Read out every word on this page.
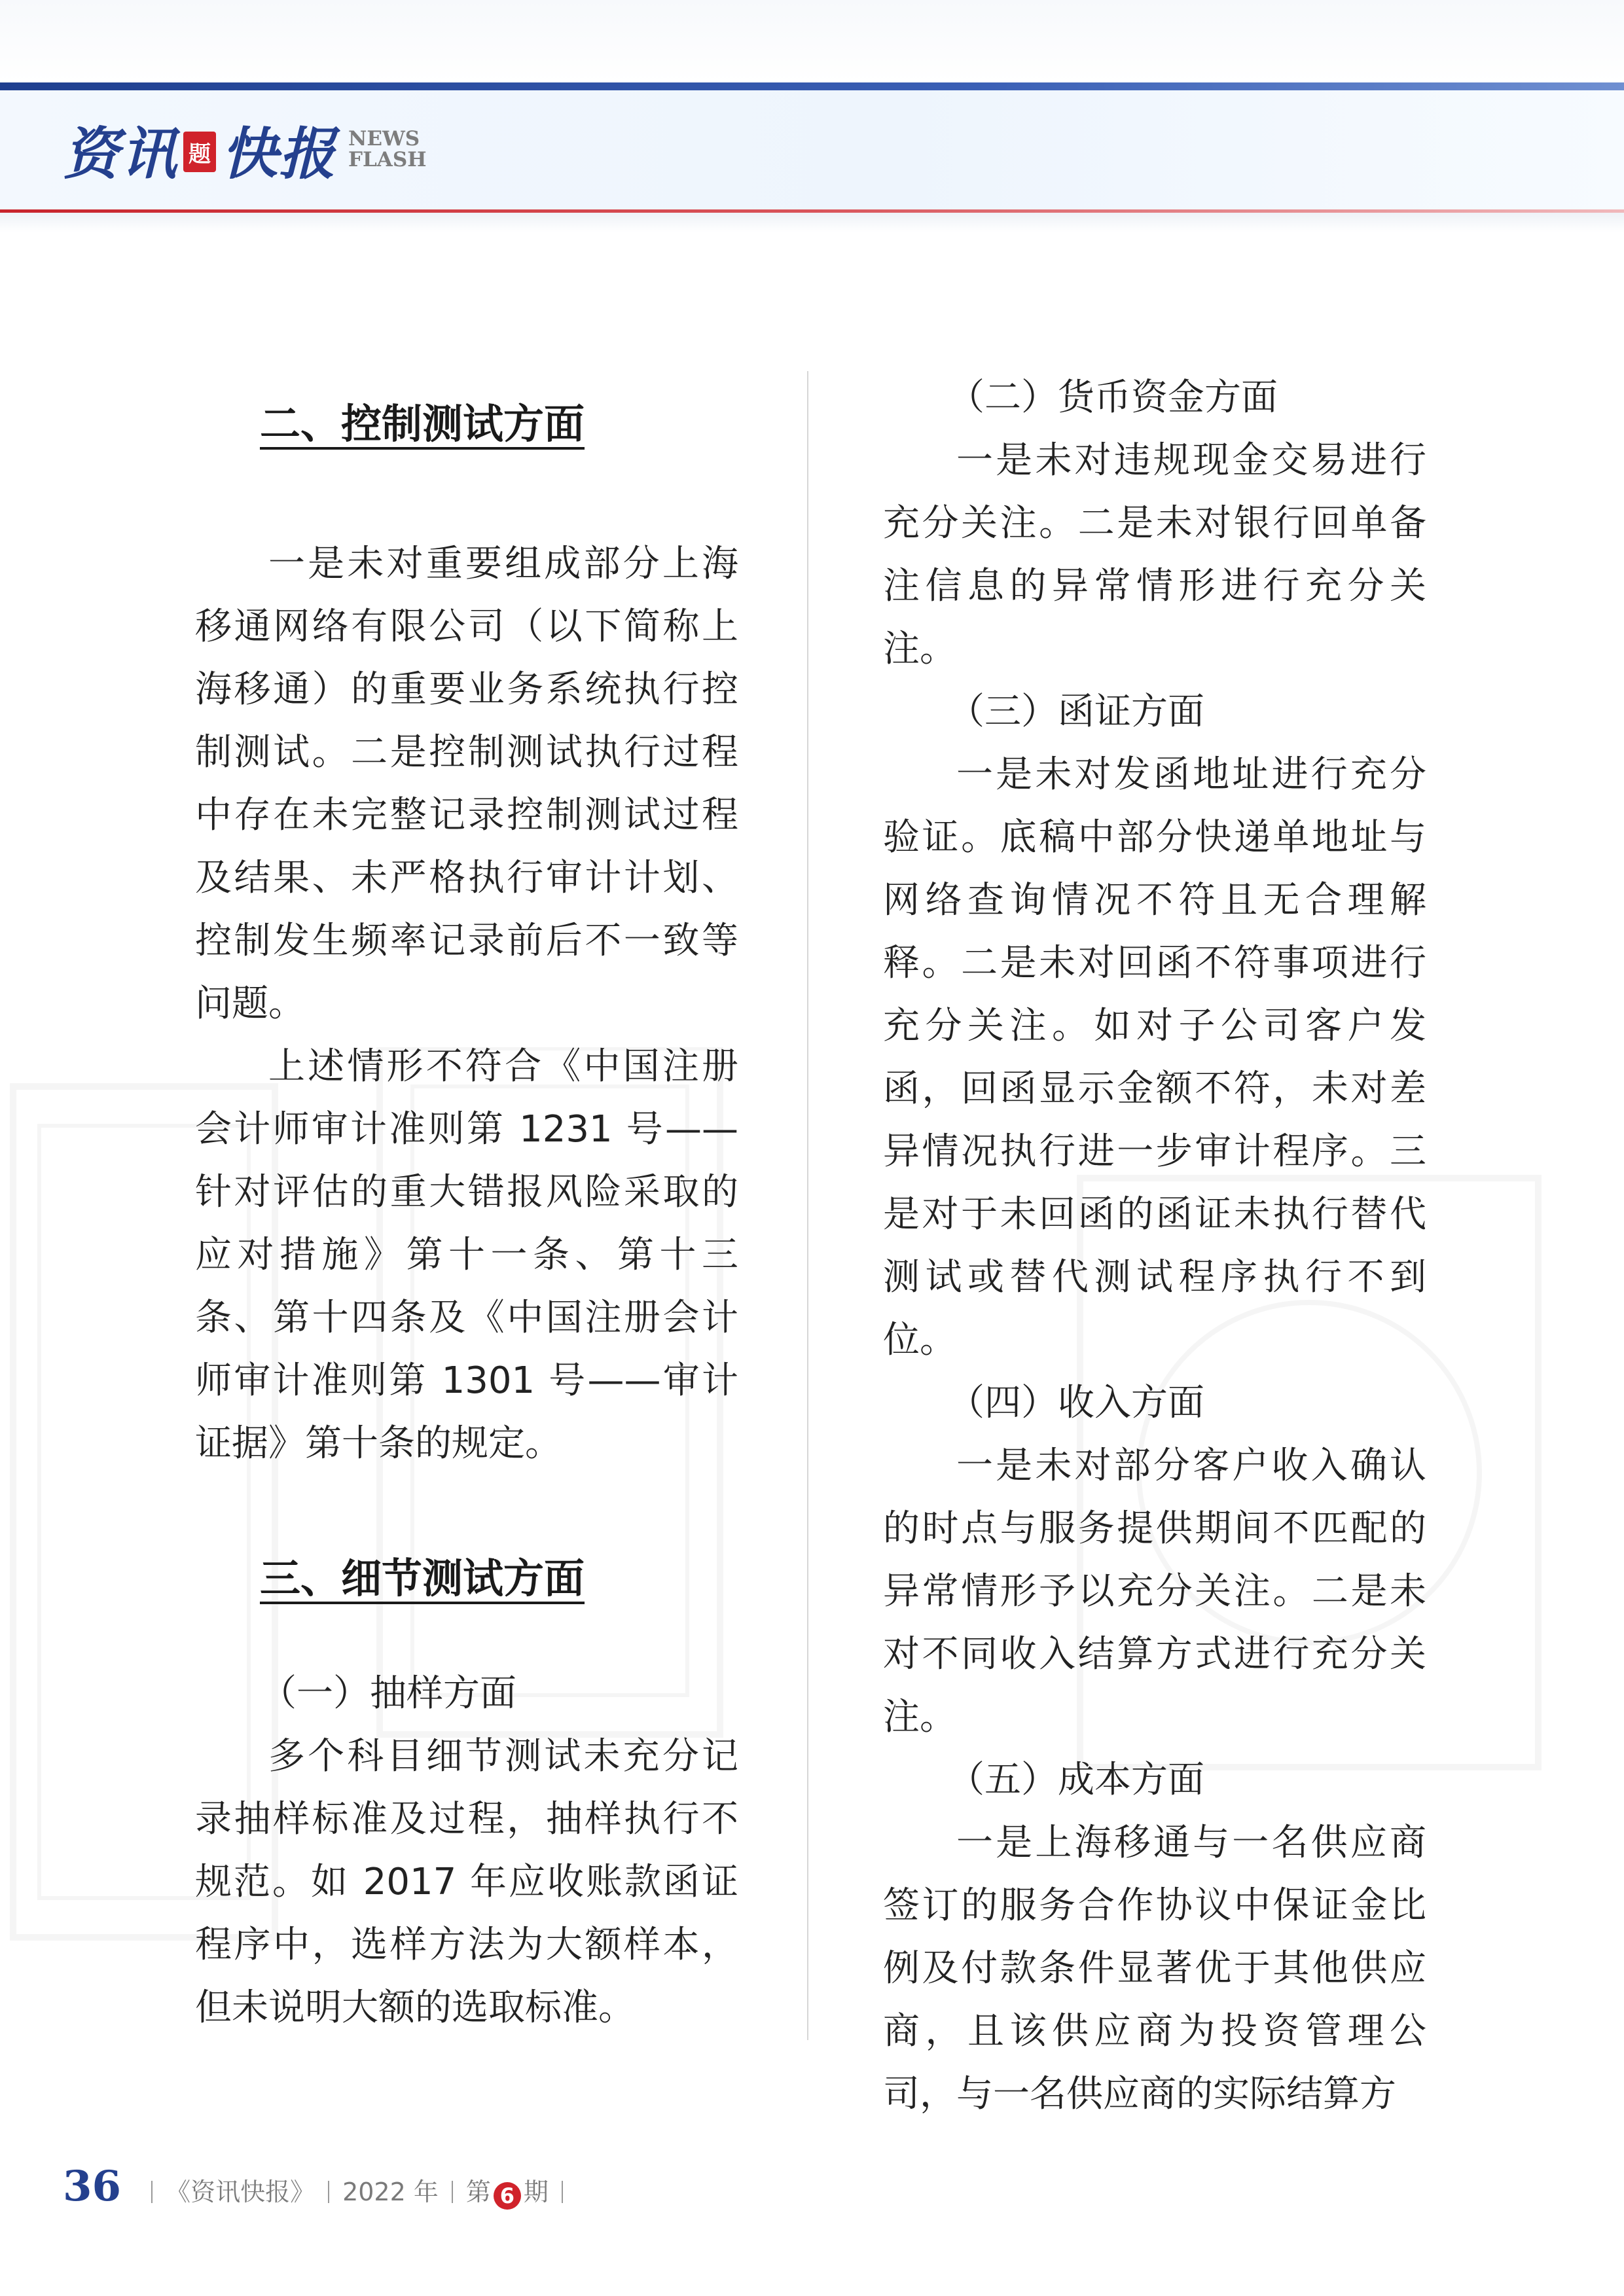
资讯 题 快报 NEWS
FLASH
二、控制测试方面

一是未对重要组成部分上海移通网络有限公司（以下简称上海移通）的重要业务系统执行控制测试。二是控制测试执行过程中存在未完整记录控制测试过程及结果、未严格执行审计计划、控制发生频率记录前后不一致等问题。

上述情形不符合《中国注册会计师审计准则第 1231 号——针对评估的重大错报风险采取的应对措施》第十一条、第十三条、第十四条及《中国注册会计师审计准则第 1301 号——审计证据》第十条的规定。

三、细节测试方面

（一）抽样方面

多个科目细节测试未充分记录抽样标准及过程，抽样执行不规范。如 2017 年应收账款函证程序中，选样方法为大额样本，但未说明大额的选取标准。

（二）货币资金方面

一是未对违规现金交易进行充分关注。二是未对银行回单备注信息的异常情形进行充分关注。

（三）函证方面

一是未对发函地址进行充分验证。底稿中部分快递单地址与网络查询情况不符且无合理解释。二是未对回函不符事项进行充分关注。如对子公司客户发函，回函显示金额不符，未对差异情况执行进一步审计程序。三是对于未回函的函证未执行替代测试或替代测试程序执行不到位。

（四）收入方面

一是未对部分客户收入确认的时点与服务提供期间不匹配的异常情形予以充分关注。二是未对不同收入结算方式进行充分关注。

（五）成本方面

一是上海移通与一名供应商签订的服务合作协议中保证金比例及付款条件显著优于其他供应商，且该供应商为投资管理公司，与一名供应商的实际结算方

36 《资讯快报》 2022 年 第 6 期
